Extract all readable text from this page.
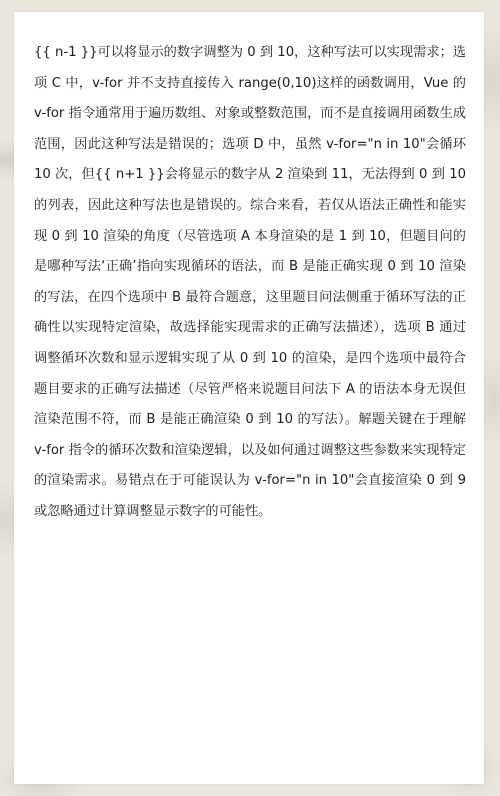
{{ n-1 }}可以将显示的数字调整为 0 到 10，这种写法可以实现需求；选项 C 中，v-for 并不支持直接传入 range(0,10)这样的函数调用，Vue 的 v-for 指令通常用于遍历数组、对象或整数范围，而不是直接调用函数生成范围，因此这种写法是错误的；选项 D 中，虽然 v-for="n in 10"会循环 10 次，但{{ n+1 }}会将显示的数字从 2 渲染到 11，无法得到 0 到 10 的列表，因此这种写法也是错误的。综合来看，若仅从语法正确性和能实现 0 到 10 渲染的角度（尽管选项 A 本身渲染的是 1 到 10，但题目问的是哪种写法‘正确’指向实现循环的语法，而 B 是能正确实现 0 到 10 渲染的写法，在四个选项中 B 最符合题意，这里题目问法侧重于循环写法的正确性以实现特定渲染，故选择能实现需求的正确写法描述），选项 B 通过调整循环次数和显示逻辑实现了从 0 到 10 的渲染，是四个选项中最符合题目要求的正确写法描述（尽管严格来说题目问法下 A 的语法本身无误但渲染范围不符，而 B 是能正确渲染 0 到 10 的写法）。解题关键在于理解 v-for 指令的循环次数和渲染逻辑，以及如何通过调整这些参数来实现特定的渲染需求。易错点在于可能误认为 v-for="n in 10"会直接渲染 0 到 9 或忽略通过计算调整显示数字的可能性。
